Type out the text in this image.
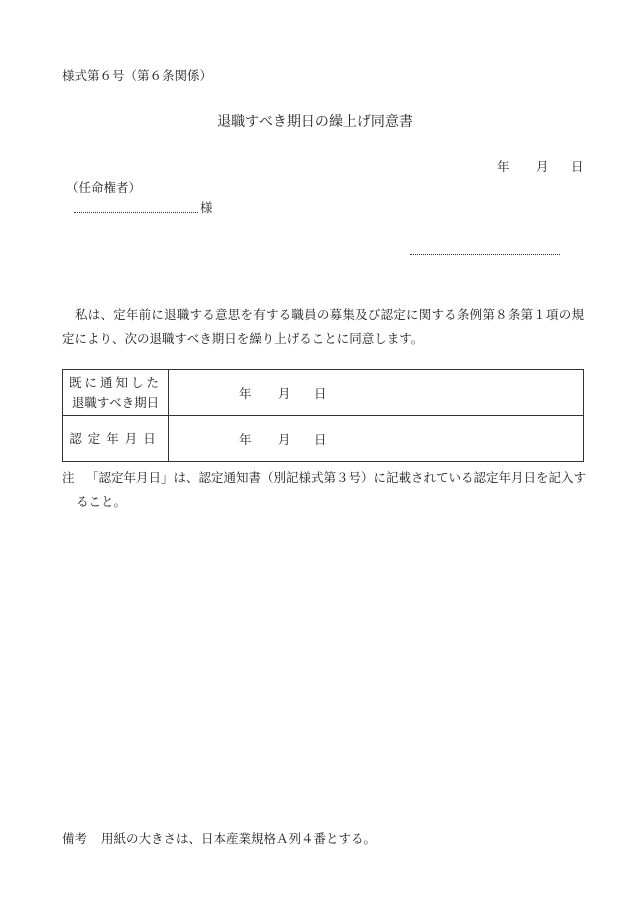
様式第６号（第６条関係）
退職すべき期日の繰上げ同意書
年 月 日
（任命権者）
様
私は、定年前に退職する意思を有する職員の募集及び認定に関する条例第８条第１項の規定により、次の退職すべき期日を繰り上げることに同意します。
既に通知した
退職すべき期日	年 月 日

認定年月日	年 月 日
注 「認定年月日」は、認定通知書（別記様式第３号）に記載されている認定年月日を記入す
ること。
備考 用紙の大きさは、日本産業規格Ａ列４番とする。
